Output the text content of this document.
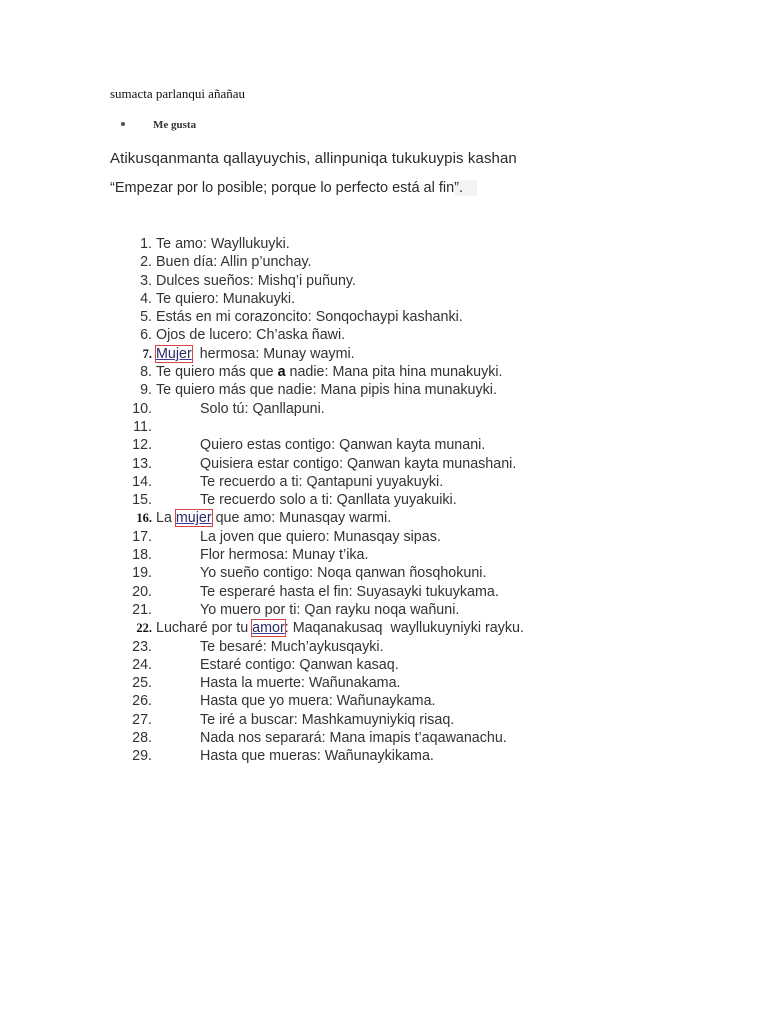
sumacta parlanqui añañau
Me gusta
Atikusqanmanta qallayuychis, allinpuniqa tukukuypis kashan
“Empezar por lo posible; porque lo perfecto está al fin”.
1. Te amo: Wayllukuyki.
2. Buen día: Allin p’unchay.
3. Dulces sueños: Mishq’i puñuny.
4. Te quiero: Munakuyki.
5. Estás en mi corazoncito: Sonqochaypi kashanki.
6. Ojos de lucero: Ch’aska ñawi.
7. Mujer  hermosa: Munay waymi.
8. Te quiero más que a nadie: Mana pita hina munakuyki.
9. Te quiero más que nadie: Mana pipis hina munakuyki.
10.	Solo tú: Qanllapuni.
11.
12.	Quiero estas contigo: Qanwan kayta munani.
13.	Quisiera estar contigo: Qanwan kayta munashani.
14.	Te recuerdo a ti: Qantapuni yuyakuyki.
15.	Te recuerdo solo a ti: Qanllata yuyakuiki.
16. La mujer que amo: Munasqay warmi.
17.	La joven que quiero: Munasqay sipas.
18.	Flor hermosa: Munay t’ika.
19.	Yo sueño contigo: Noqa qanwan ñosqhokuni.
20.	Te esperaré hasta el fin: Suyasayki tukuykama.
21.	Yo muero por ti: Qan rayku noqa wañuni.
22. Lucharé por tu amor: Maqanakusaq  wayllukuyniyki rayku.
23.	Te besaré: Much’aykusqayki.
24.	Estaré contigo: Qanwan kasaq.
25.	Hasta la muerte: Wañunakama.
26.	Hasta que yo muera: Wañunaykama.
27.	Te iré a buscar: Mashkamuyniykiq risaq.
28.	Nada nos separará: Mana imapis t’aqawanachu.
29.	Hasta que mueras: Wañunaykikama.
